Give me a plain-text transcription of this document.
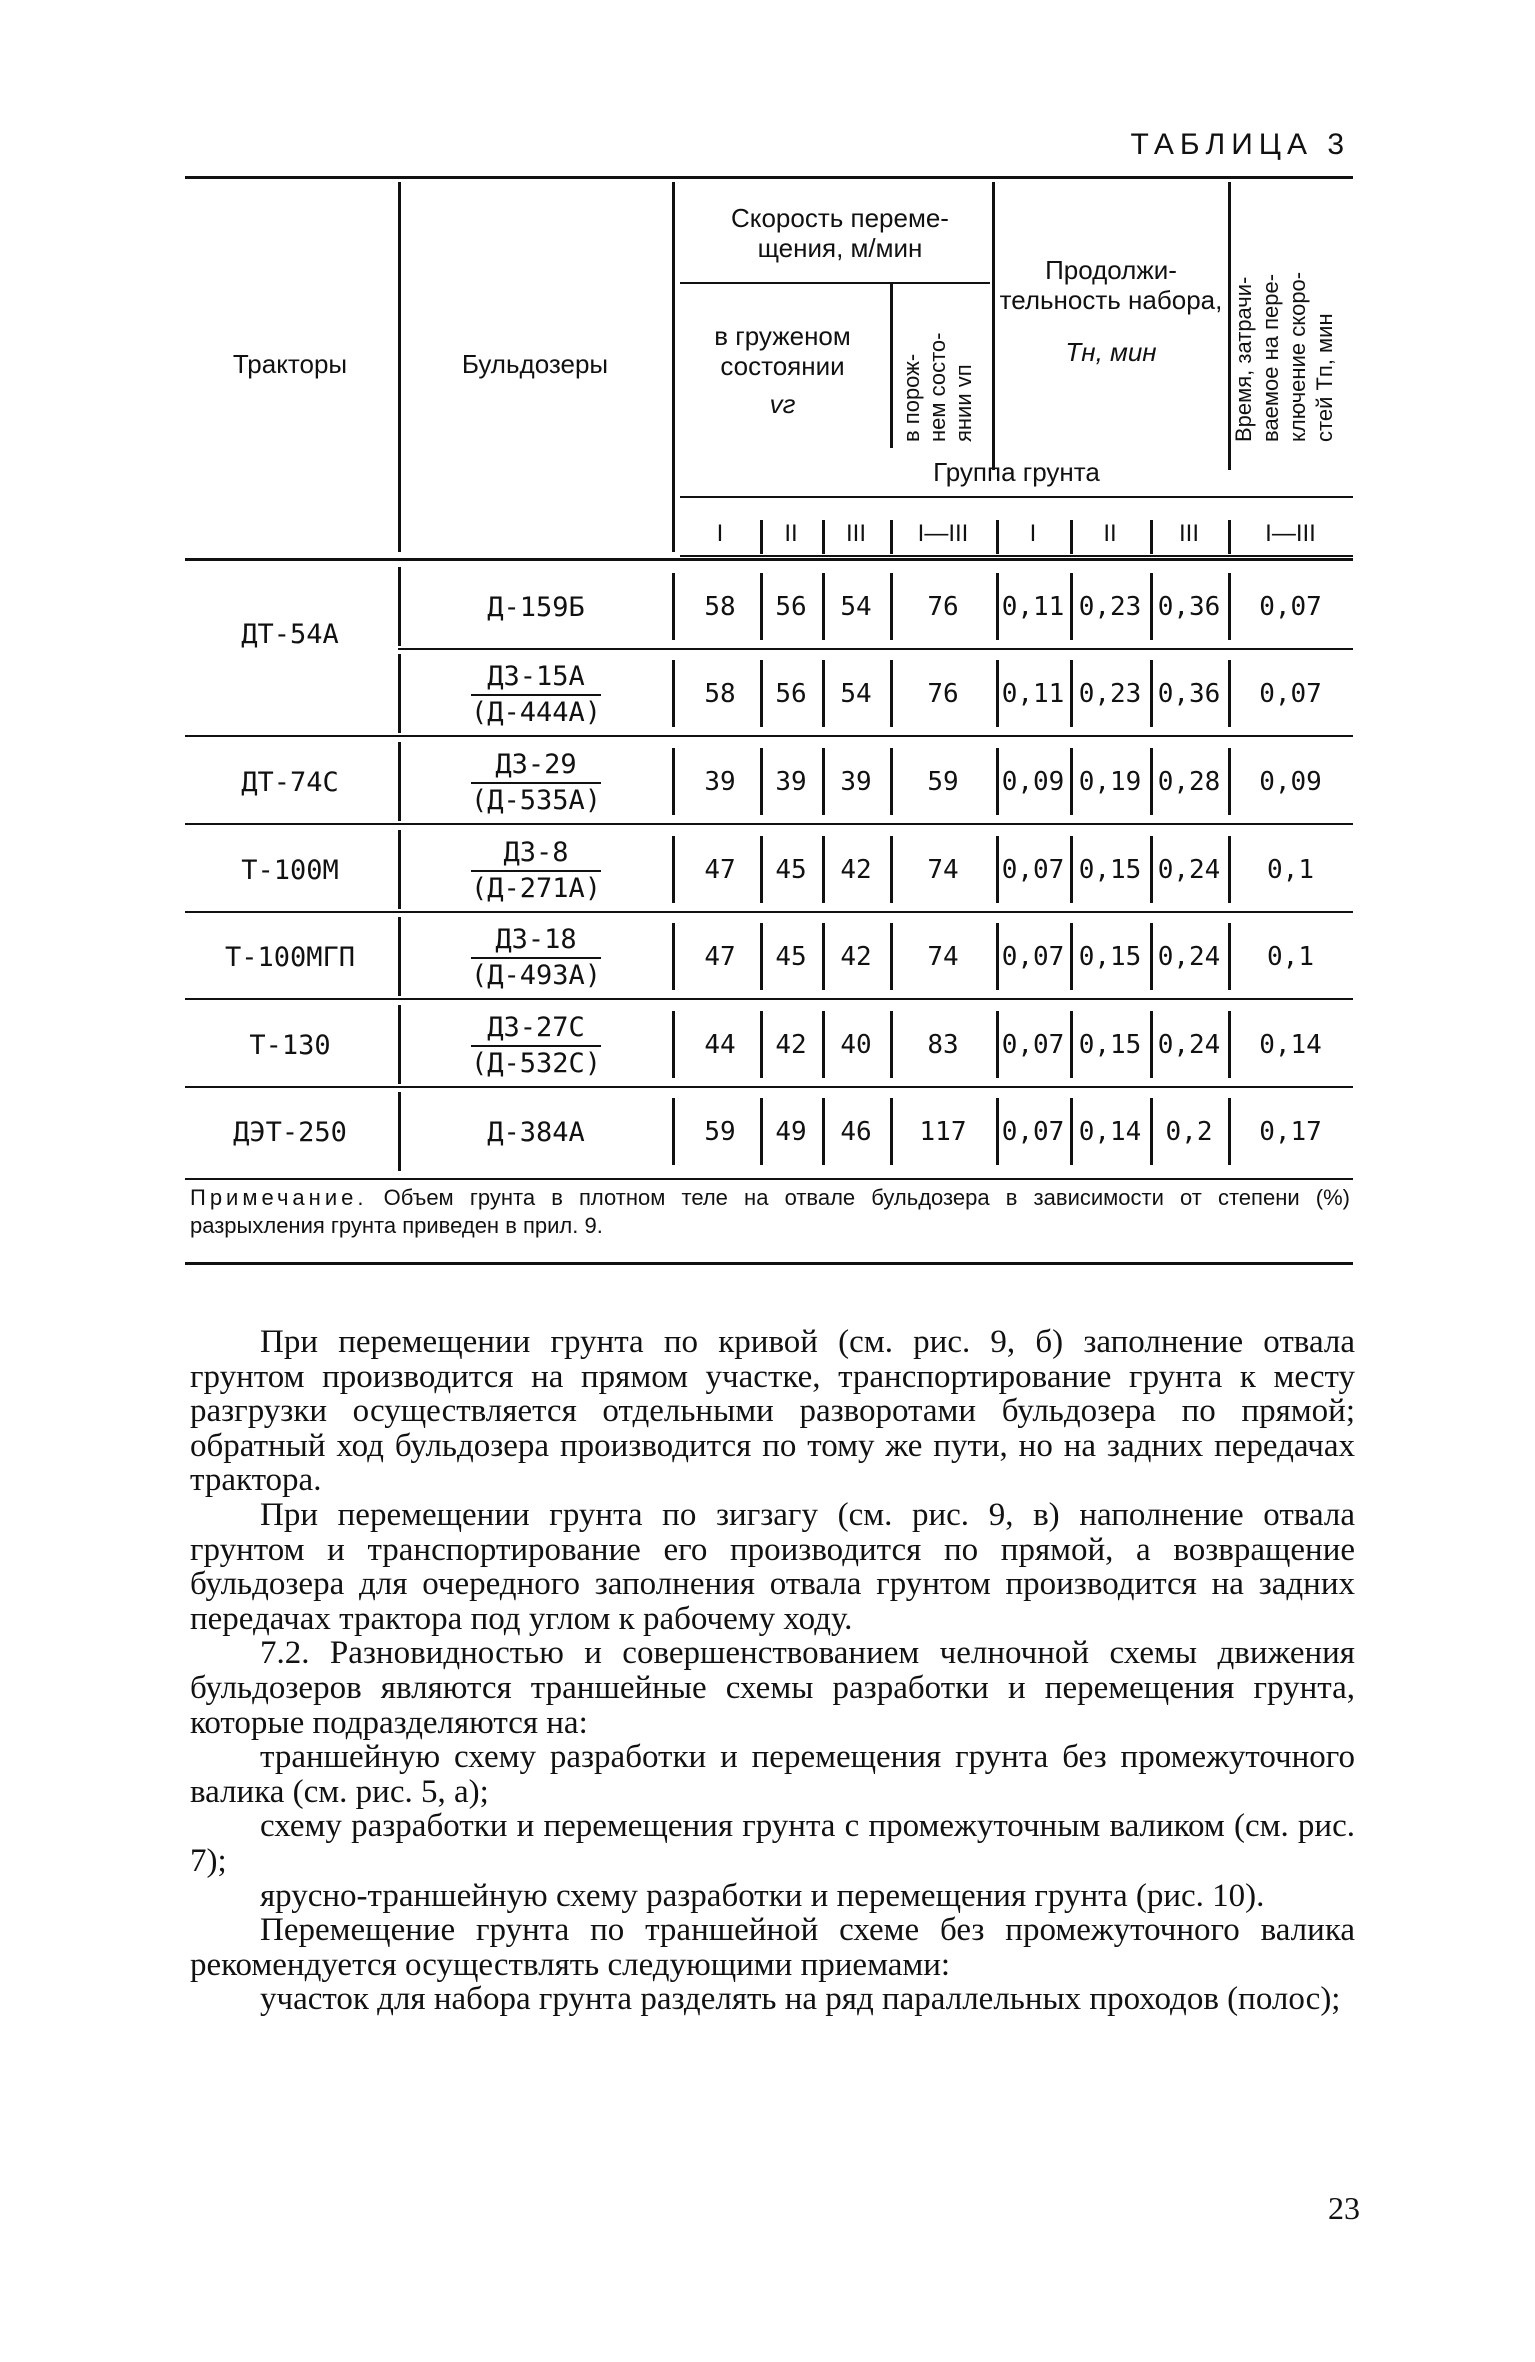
ТАБЛИЦА 3
Тракторы	Бульдозеры
Скорость переме-щения, м/мин
в груженом состоянии
vг
Продолжи-тельность набора,
Tн, мин
Группа грунта
в порож- нем состо- янии vп	Время, затрачи- ваемое на пере- ключение скоро- стей Tп, мин
I	II	III	I—III	I	II	III	I—III
ДТ-54А
Д-159Б	58	56	54	76	0,11 0,23 0,36	0,07
$\frac{ДЗ-15А}{(Д-444А)}$	58	56	54	76	0,11 0,23 0,36	0,07
ДТ-74С	$\frac{ДЗ-29}{(Д-535А)}$	39	39	39	59	0,09 0,19 0,28	0,09
Т-100М	$\frac{ДЗ-8}{(Д-271А)}$	47	45	42	74	0,07 0,15 0,24	0,1
Т-100МГП	$\frac{ДЗ-18}{(Д-493А)}$	47	45	42	74	0,07 0,15 0,24	0,1
Т-130	$\frac{ДЗ-27С}{(Д-532С)}$	44	42	40	83	0,07 0,15 0,24	0,14
ДЭТ-250	Д-384А	59	49	46	117	0,07 0,14 0,2	0,17
Примечание. Объем грунта в плотном теле на отвале бульдозера в зависимости от степени (%) разрыхления грунта приведен в прил. 9.

При перемещении грунта по кривой (см. рис. 9, б) заполнение отвала грунтом производится на прямом участке, транспортирование грунта к месту разгрузки осуществляется отдельными разворотами бульдозера по прямой; обратный ход бульдозера производится по тому же пути, но на задних передачах трактора.

При перемещении грунта по зигзагу (см. рис. 9, в) наполнение отвала грунтом и транспортирование его производится по прямой, а возвращение бульдозера для очередного заполнения отвала грунтом производится на задних передачах трактора под углом к рабочему ходу.

7.2. Разновидностью и совершенствованием челночной схемы движения бульдозеров являются траншейные схемы разработки и перемещения грунта, которые подразделяются на:

траншейную схему разработки и перемещения грунта без промежуточного валика (см. рис. 5, а);

схему разработки и перемещения грунта с промежуточным валиком (см. рис. 7);

ярусно-траншейную схему разработки и перемещения грунта (рис. 10).

Перемещение грунта по траншейной схеме без промежуточного валика рекомендуется осуществлять следующими приемами:

участок для набора грунта разделять на ряд параллельных проходов (полос);

23
